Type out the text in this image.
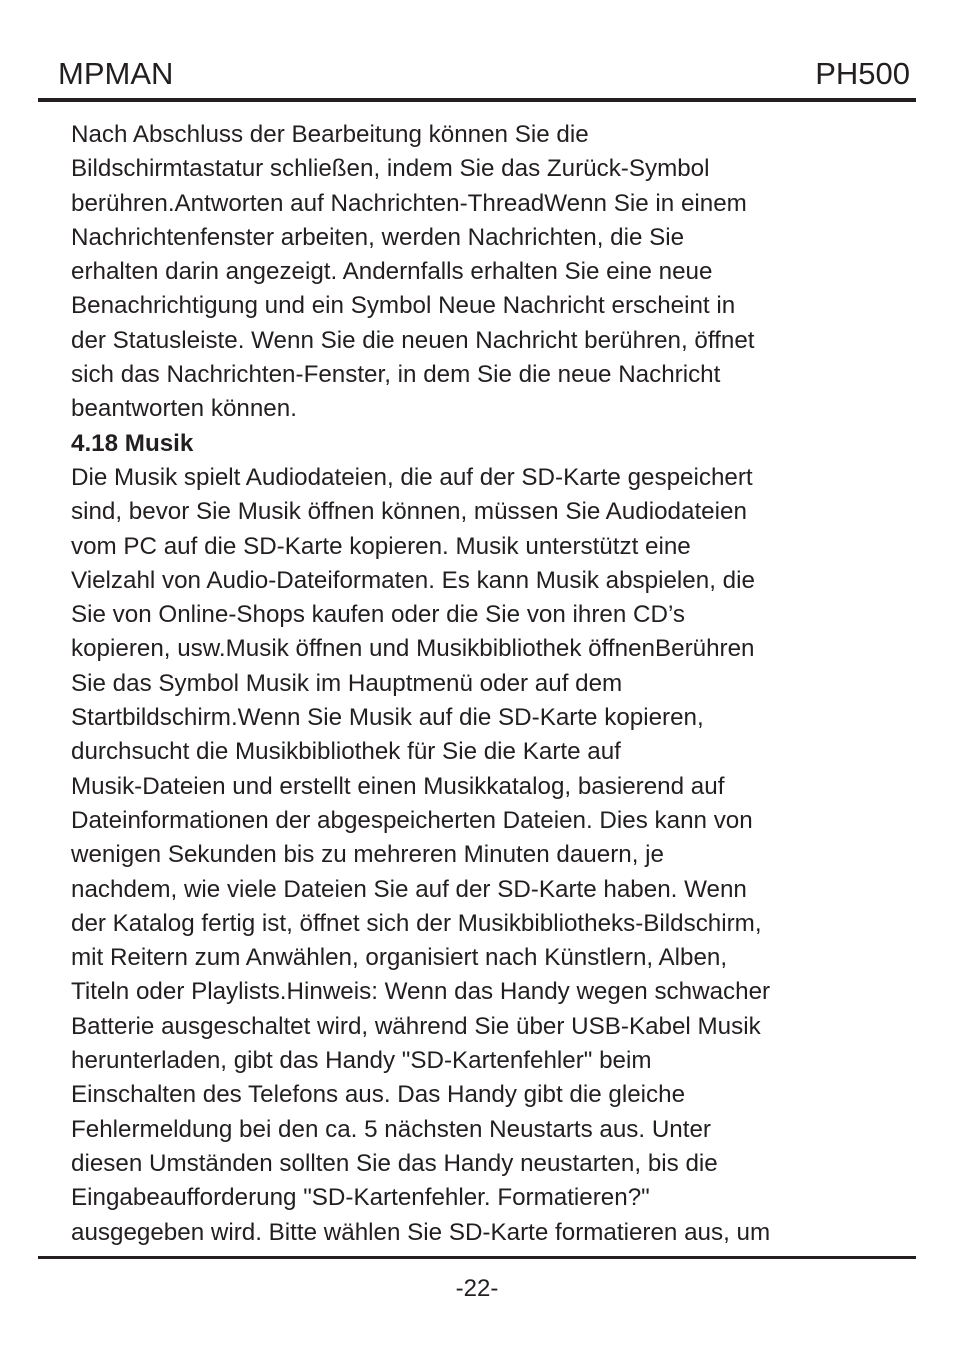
MPMAN	PH500
Nach Abschluss der Bearbeitung können Sie die
Bildschirmtastatur schließen, indem Sie das Zurück-Symbol
berühren.Antworten auf Nachrichten-ThreadWenn Sie in einem
Nachrichtenfenster arbeiten, werden Nachrichten, die Sie
erhalten darin angezeigt. Andernfalls erhalten Sie eine neue
Benachrichtigung und ein Symbol Neue Nachricht erscheint in
der Statusleiste. Wenn Sie die neuen Nachricht berühren, öffnet
sich das Nachrichten-Fenster, in dem Sie die neue Nachricht
beantworten können.
4.18 Musik
Die Musik spielt Audiodateien, die auf der SD-Karte gespeichert
sind, bevor Sie Musik öffnen können, müssen Sie Audiodateien
vom PC auf die SD-Karte kopieren. Musik unterstützt eine
Vielzahl von Audio-Dateiformaten. Es kann Musik abspielen, die
Sie von Online-Shops kaufen oder die Sie von ihren CD’s
kopieren, usw.Musik öffnen und Musikbibliothek öffnenBerühren
Sie das Symbol Musik im Hauptmenü oder auf dem
Startbildschirm.Wenn Sie Musik auf die SD-Karte kopieren,
durchsucht die Musikbibliothek für Sie die Karte auf
Musik-Dateien und erstellt einen Musikkatalog, basierend auf
Dateinformationen der abgespeicherten Dateien. Dies kann von
wenigen Sekunden bis zu mehreren Minuten dauern, je
nachdem, wie viele Dateien Sie auf der SD-Karte haben. Wenn
der Katalog fertig ist, öffnet sich der Musikbibliotheks-Bildschirm,
mit Reitern zum Anwählen, organisiert nach Künstlern, Alben,
Titeln oder Playlists.Hinweis: Wenn das Handy wegen schwacher
Batterie ausgeschaltet wird, während Sie über USB-Kabel Musik
herunterladen, gibt das Handy "SD-Kartenfehler" beim
Einschalten des Telefons aus. Das Handy gibt die gleiche
Fehlermeldung bei den ca. 5 nächsten Neustarts aus. Unter
diesen Umständen sollten Sie das Handy neustarten, bis die
Eingabeaufforderung "SD-Kartenfehler. Formatieren?"
ausgegeben wird. Bitte wählen Sie SD-Karte formatieren aus, um
-22-
